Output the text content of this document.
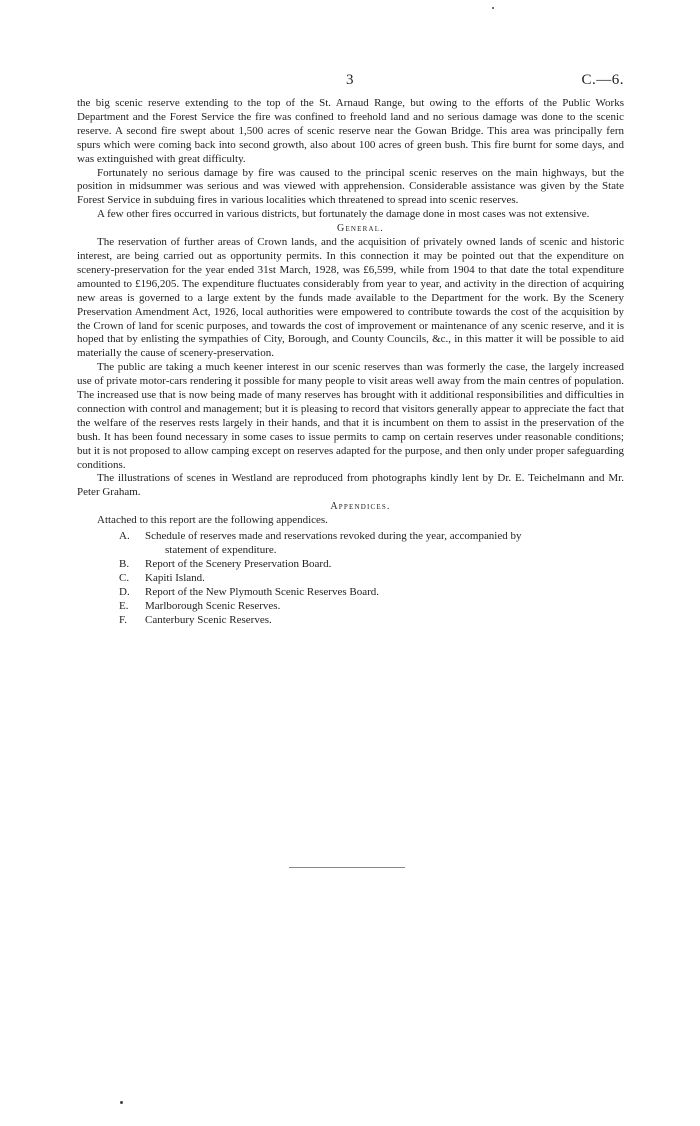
3	C.—6.

the big scenic reserve extending to the top of the St. Arnaud Range, but owing to the efforts of the Public Works Department and the Forest Service the fire was confined to freehold land and no serious damage was done to the scenic reserve. A second fire swept about 1,500 acres of scenic reserve near the Gowan Bridge. This area was principally fern spurs which were coming back into second growth, also about 100 acres of green bush. This fire burnt for some days, and was extinguished with great difficulty.

Fortunately no serious damage by fire was caused to the principal scenic reserves on the main highways, but the position in midsummer was serious and was viewed with apprehension. Considerable assistance was given by the State Forest Service in subduing fires in various localities which threatened to spread into scenic reserves.

A few other fires occurred in various districts, but fortunately the damage done in most cases was not extensive.

General.

The reservation of further areas of Crown lands, and the acquisition of privately owned lands of scenic and historic interest, are being carried out as opportunity permits. In this connection it may be pointed out that the expenditure on scenery-preservation for the year ended 31st March, 1928, was £6,599, while from 1904 to that date the total expenditure amounted to £196,205. The expenditure fluctuates considerably from year to year, and activity in the direction of acquiring new areas is governed to a large extent by the funds made available to the Department for the work. By the Scenery Preservation Amendment Act, 1926, local authorities were empowered to contribute towards the cost of the acquisition by the Crown of land for scenic purposes, and towards the cost of improvement or maintenance of any scenic reserve, and it is hoped that by enlisting the sympathies of City, Borough, and County Councils, &c., in this matter it will be possible to aid materially the cause of scenery-preservation.

The public are taking a much keener interest in our scenic reserves than was formerly the case, the largely increased use of private motor-cars rendering it possible for many people to visit areas well away from the main centres of population. The increased use that is now being made of many reserves has brought with it additional responsibilities and difficulties in connection with control and management; but it is pleasing to record that visitors generally appear to appreciate the fact that the welfare of the reserves rests largely in their hands, and that it is incumbent on them to assist in the preservation of the bush. It has been found necessary in some cases to issue permits to camp on certain reserves under reasonable conditions; but it is not proposed to allow camping except on reserves adapted for the purpose, and then only under proper safeguarding conditions.

The illustrations of scenes in Westland are reproduced from photographs kindly lent by Dr. E. Teichelmann and Mr. Peter Graham.

Appendices.

Attached to this report are the following appendices.

A.	Schedule of reserves made and reservations revoked during the year, accompanied by
statement of expenditure.
B.	Report of the Scenery Preservation Board.
C.	Kapiti Island.
D.	Report of the New Plymouth Scenic Reserves Board.
E.	Marlborough Scenic Reserves.
F.	Canterbury Scenic Reserves.
